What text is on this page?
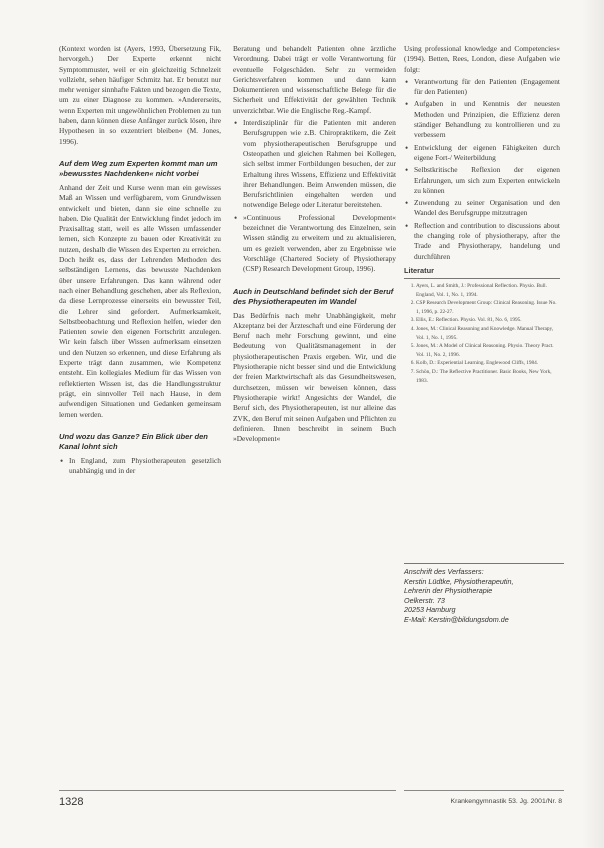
(Kontext worden ist (Ayers, 1993, Übersetzung Fik, hervorgeh.) Der Experte erkennt nicht Symptommuster, weil er ein gleichzeitig Schnelzeit vollzieht, sehen häufiger Schmitz hat. Er benutzt nur mehr weniger sinnhafte Fakten und bezogen die Texte, um zu einer Diagnose zu kommen. »Andererseits, wenn Experten mit ungewöhnlichen Problemen zu tun haben, dann können diese Anfänger zurück lösen, ihre Hypothesen in so exzentriert bleiben« (M. Jones, 1996).

Auf dem Weg zum Experten kommt man um »bewusstes Nachdenken« nicht vorbei

Anhand der Zeit und Kurse wenn man ein gewisses Maß an Wissen und verfügbarem, vom Grundwissen entwickelt und bieten, dann sie eine schnelle zu haben. Die Qualität der Entwicklung findet jedoch im Praxisalltag statt, weil es alle Wissen umfassender lernen, sich Konzepte zu bauen oder Kreativität zu nutzen, deshalb die Wissen des Experten zu erreichen. Doch heißt es, dass der Lehrenden Methoden des selbständigen Lernens, das bewusste Nachdenken über unsere Erfahrungen. Das kann während oder nach einer Behandlung geschehen, aber als Reflexion, da diese Lernprozesse einerseits ein bewusster Teil, die Lehrer sind gefordert. Aufmerksamkeit, Selbstbeobachtung und Reflexion helfen, wieder den Patienten sowie den eigenen Fortschritt anzulegen. Wir kein falsch über Wissen aufmerksam einsetzen und den Nutzen so erkennen, und diese Erfahrung als Experte trägt dann zusammen, wie Kompetenz entsteht. Ein kollegiales Medium für das Wissen von reflektierten Wissen ist, das die Handlungsstruktur prägt, ein sinnvoller Teil nach Hause, in dem aufwendigen Situationen und Gedanken gemeinsam lernen werden.

Und wozu das Ganze? Ein Blick über den Kanal lohnt sich
• In England, zum Physiotherapeuten gesetzlich unabhängig und in der

Beratung und behandelt Patienten ohne ärztliche Verordnung. Dabei trägt er volle Verantwortung für eventuelle Folgeschäden. Sehr zu vermeiden Gerichtsverfahren kommen und dann kann Dokumentieren und wissenschaftliche Belege für die Sicherheit und Effektivität der gewählten Technik unverzichtbar. Wie die Englische Reg.-Kampf.

• Interdisziplinär für die Patienten mit anderen Berufsgruppen wie z.B. Chiropraktikern, die Zeit vom physiotherapeutischen Berufsgruppe und Osteopathen und gleichen Rahmen bei Kollegen, sich selbst immer Fortbildungen besuchen, der zur Erhaltung ihres Wissens, Effizienz und Effektivität ihrer Behandlungen. Beim Anwenden müssen, die Berufsrichtlinien eingehalten werden und notwendige Belege oder Literatur bereitstehen.
• »Continuous Professional Development« bezeichnet die Verantwortung des Einzelnen, sein Wissen ständig zu erweitern und zu aktualisieren, um es gezielt verwenden, aber zu Ergebnisse wie Vorschläge (Chartered Society of Physiotherapy (CSP) Research Development Group, 1996).
Auch in Deutschland befindet sich der Beruf des Physiotherapeuten im Wandel

Das Bedürfnis nach mehr Unabhängigkeit, mehr Akzeptanz bei der Ärzteschaft und eine Förderung der Beruf nach mehr Forschung gewinnt, und eine Bedeutung von Qualitätsmanagement in der physiotherapeutischen Praxis ergeben. Wir, und die Physiotherapie nicht besser sind und die Entwicklung der freien Marktwirtschaft als das Gesundheitswesen, durchsetzen, müssen wir beweisen können, dass Physiotherapie wirkt! Angesichts der Wandel, die Beruf sich, des Physiotherapeuten, ist nur alleine das ZVK, den Beruf mit seinen Aufgaben und Pflichten zu definieren. Ihnen beschreibt in seinem Buch »Development«

Using professional knowledge and Competencies« (1994). Betten, Rees, London, diese Aufgaben wie folgt:

• Verantwortung für den Patienten (Engagement für den Patienten)
• Aufgaben in und Kenntnis der neuesten Methoden und Prinzipien, die Effizienz deren ständiger Behandlung zu kontrollieren und zu verbessern
• Entwicklung der eigenen Fähigkeiten durch eigene Fort-/ Weiterbildung
• Selbstkritische Reflexion der eigenen Erfahrungen, um sich zum Experten entwickeln zu können
• Zuwendung zu seiner Organisation und den Wandel des Berufsgruppe mitzutragen
• Reflection and contribution to discussions about the changing role of physiotherapy, after the Trade and Physiotherapy, handelung und durchführen
Literatur
1. Ayers, L. and Smith, J.: Professional Reflection. Physio. Bull. England, Vol. 1, No. 1, 1994.
2. CSP Research Development Group: Clinical Reasoning. Issue No. 1, 1996, p. 22-27.
3. Ellis, E.: Reflection. Physio. Vol. 81, No. 6, 1995.
4. Jones, M.: Clinical Reasoning and Knowledge. Manual Therapy, Vol. 1, No. 1, 1995.
5. Jones, M.: A Model of Clinical Reasoning. Physio. Theory Pract. Vol. 11, No. 2, 1996.
6. Kolb, D.: Experiential Learning. Englewood Cliffs, 1984.
7. Schön, D.: The Reflective Practitioner. Basic Books, New York, 1983.
Anschrift des Verfassers:
Kerstin Lüdtke, Physiotherapeutin,
Lehrerin der Physiotherapie
Oelkerstr. 73
20253 Hamburg
E-Mail: Kerstin@bildungsdom.de
1328	Krankengymnastik 53. Jg. 2001/Nr. 8
